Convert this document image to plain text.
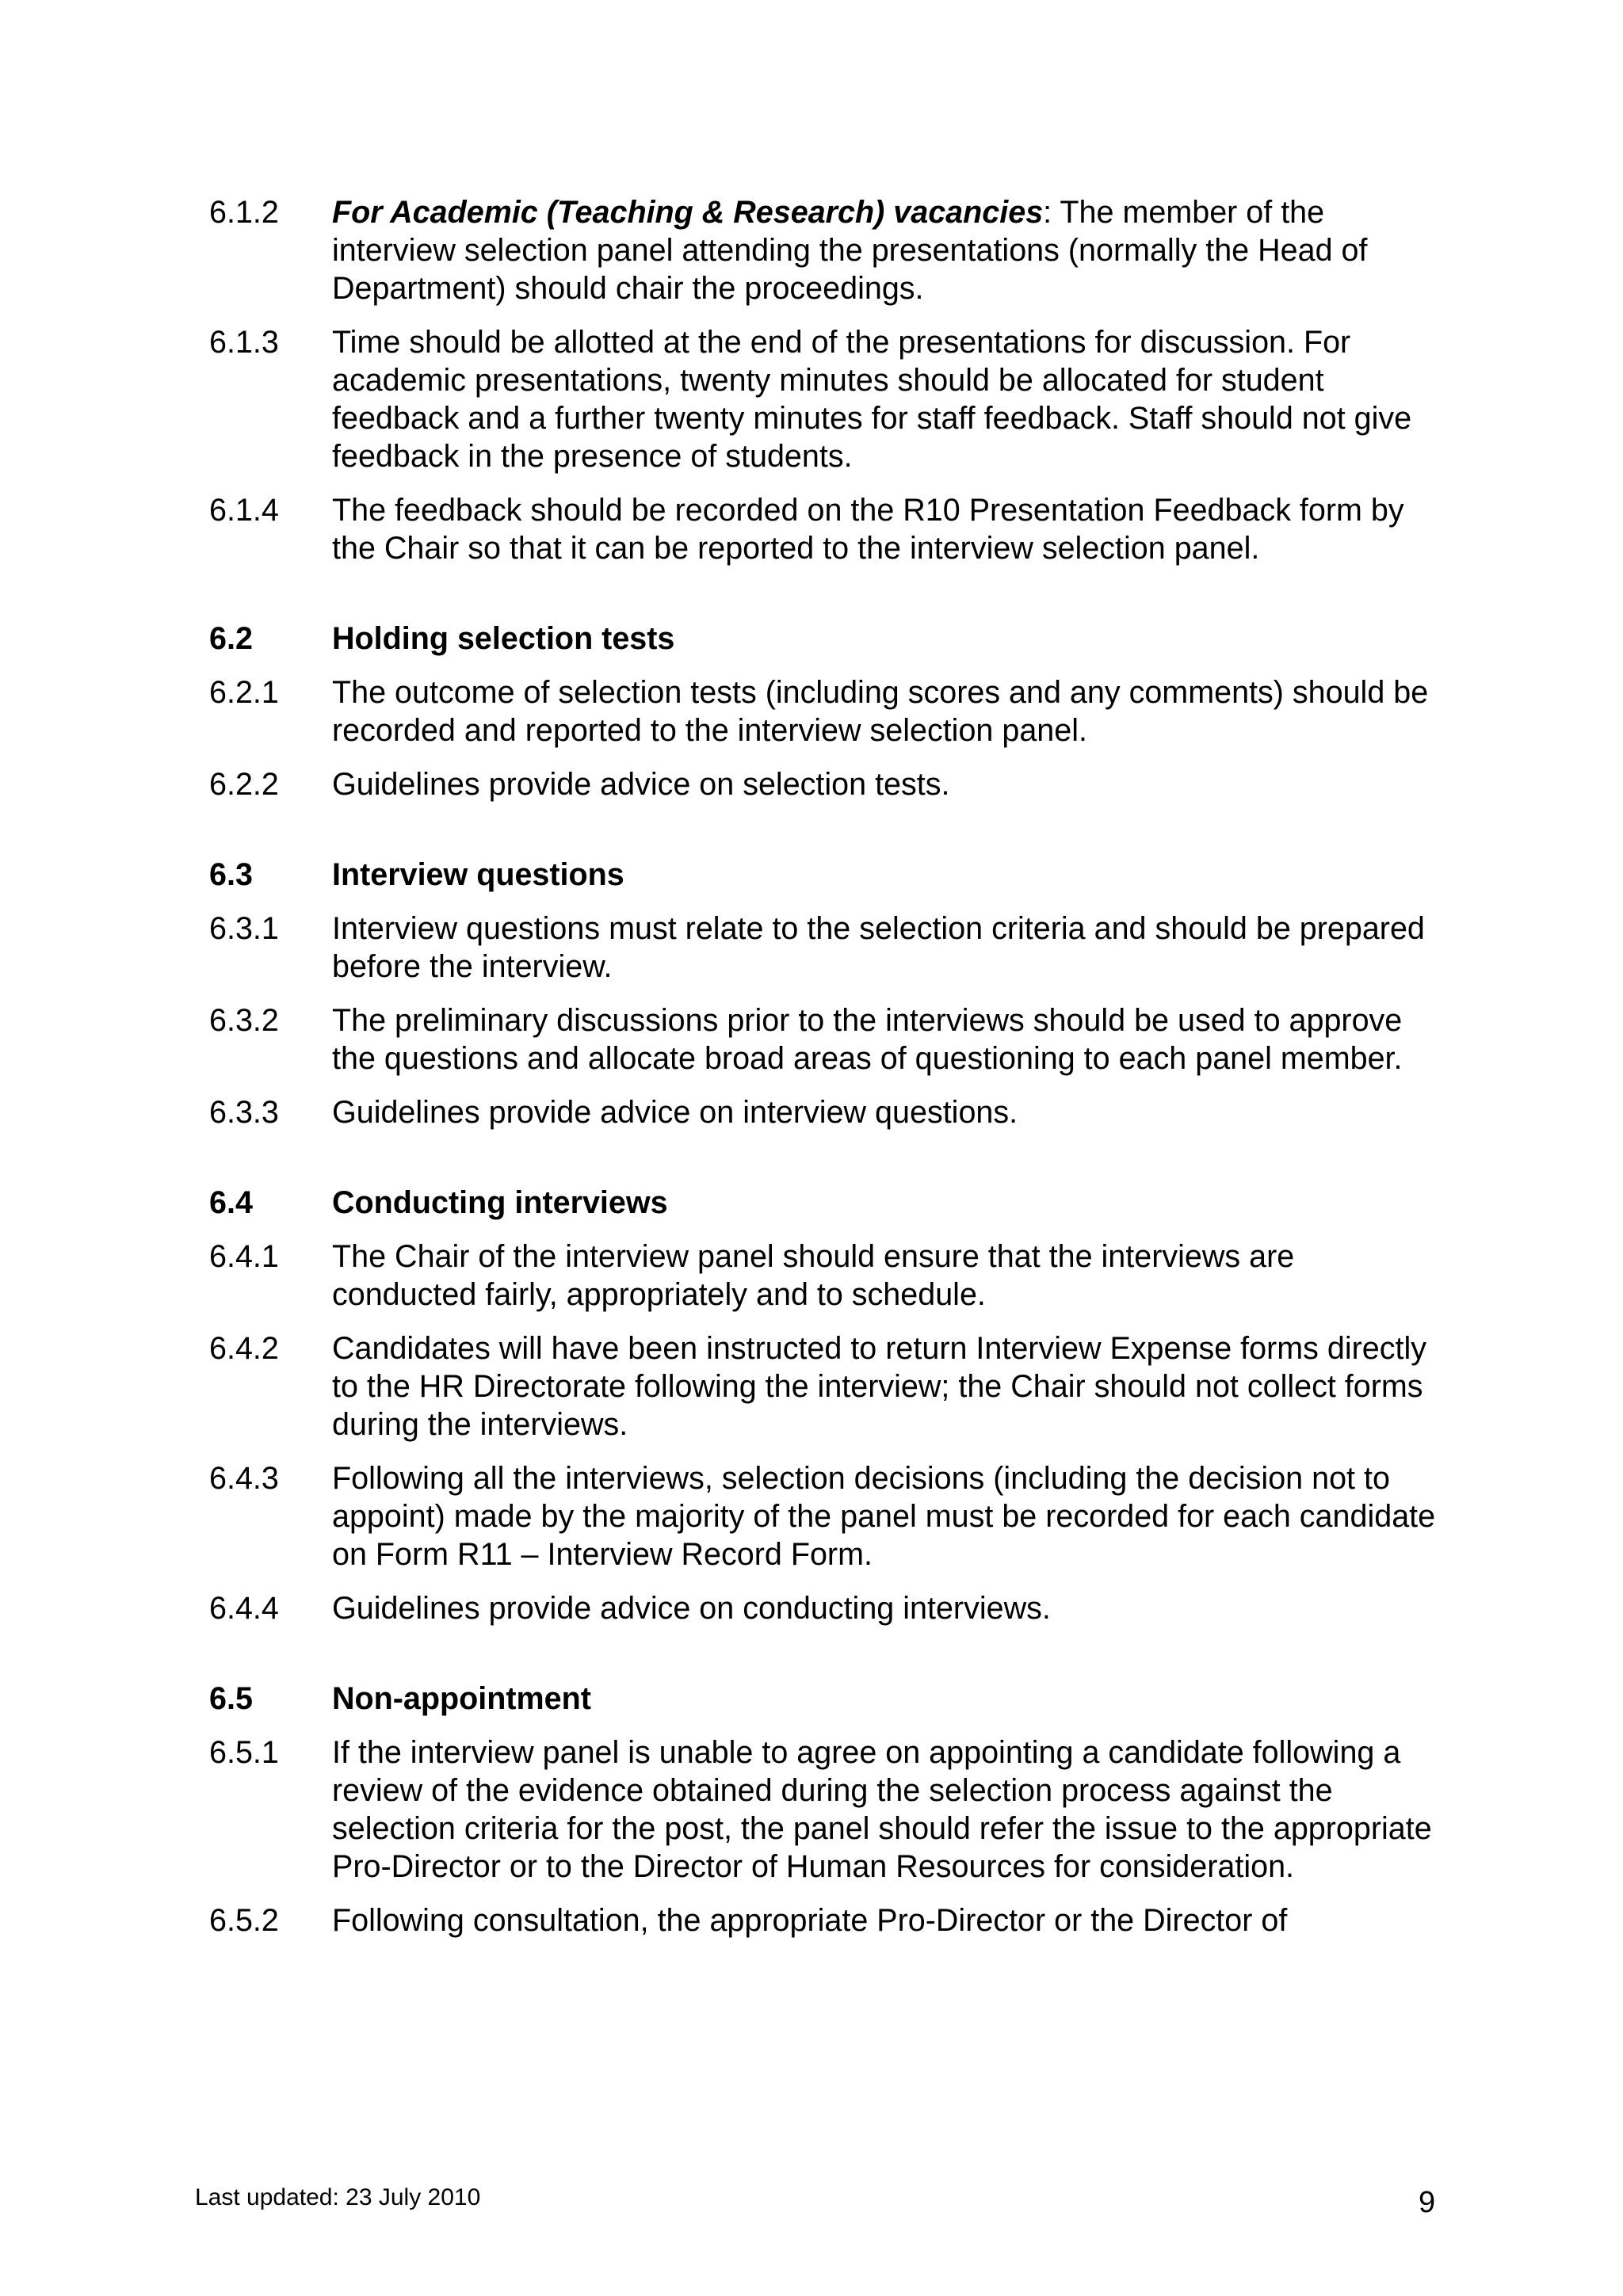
6.1.2 For Academic (Teaching & Research) vacancies: The member of the interview selection panel attending the presentations (normally the Head of Department) should chair the proceedings.
6.1.3 Time should be allotted at the end of the presentations for discussion. For academic presentations, twenty minutes should be allocated for student feedback and a further twenty minutes for staff feedback. Staff should not give feedback in the presence of students.
6.1.4 The feedback should be recorded on the R10 Presentation Feedback form by the Chair so that it can be reported to the interview selection panel.
6.2	Holding selection tests
6.2.1 The outcome of selection tests (including scores and any comments) should be recorded and reported to the interview selection panel.
6.2.2 Guidelines provide advice on selection tests.
6.3	Interview questions
6.3.1 Interview questions must relate to the selection criteria and should be prepared before the interview.
6.3.2 The preliminary discussions prior to the interviews should be used to approve the questions and allocate broad areas of questioning to each panel member.
6.3.3 Guidelines provide advice on interview questions.
6.4	Conducting interviews
6.4.1 The Chair of the interview panel should ensure that the interviews are conducted fairly, appropriately and to schedule.
6.4.2 Candidates will have been instructed to return Interview Expense forms directly to the HR Directorate following the interview; the Chair should not collect forms during the interviews.
6.4.3 Following all the interviews, selection decisions (including the decision not to appoint) made by the majority of the panel must be recorded for each candidate on Form R11 – Interview Record Form.
6.4.4 Guidelines provide advice on conducting interviews.
6.5	Non-appointment
6.5.1 If the interview panel is unable to agree on appointing a candidate following a review of the evidence obtained during the selection process against the selection criteria for the post, the panel should refer the issue to the appropriate Pro-Director or to the Director of Human Resources for consideration.
6.5.2 Following consultation, the appropriate Pro-Director or the Director of
Last updated: 23 July 2010	9
